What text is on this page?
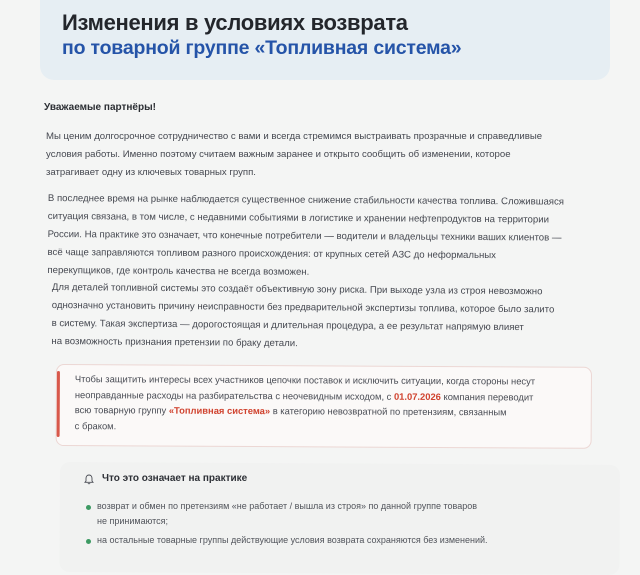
Изменения в условиях возврата
по товарной группе «Топливная система»
Уважаемые партнёры!
Мы ценим долгосрочное сотрудничество с вами и всегда стремимся выстраивать прозрачные и справедливые
условия работы. Именно поэтому считаем важным заранее и открыто сообщить об изменении, которое
затрагивает одну из ключевых товарных групп.
В последнее время на рынке наблюдается существенное снижение стабильности качества топлива. Сложившаяся
ситуация связана, в том числе, с недавними событиями в логистике и хранении нефтепродуктов на территории
России. На практике это означает, что конечные потребители — водители и владельцы техники ваших клиентов —
всё чаще заправляются топливом разного происхождения: от крупных сетей АЗС до неформальных
перекупщиков, где контроль качества не всегда возможен.
Для деталей топливной системы это создаёт объективную зону риска. При выходе узла из строя невозможно
однозначно установить причину неисправности без предварительной экспертизы топлива, которое было залито
в систему. Такая экспертиза — дорогостоящая и длительная процедура, а ее результат напрямую влияет
на возможность признания претензии по браку детали.
Чтобы защитить интересы всех участников цепочки поставок и исключить ситуации, когда стороны несут
неоправданные расходы на разбирательства с неочевидным исходом, с 01.07.2026 компания переводит
всю товарную группу «Топливная система» в категорию невозвратной по претензиям, связанным
с браком.
Что это означает на практике
возврат и обмен по претензиям «не работает / вышла из строя» по данной группе товаров
не принимаются;
на остальные товарные группы действующие условия возврата сохраняются без изменений.
